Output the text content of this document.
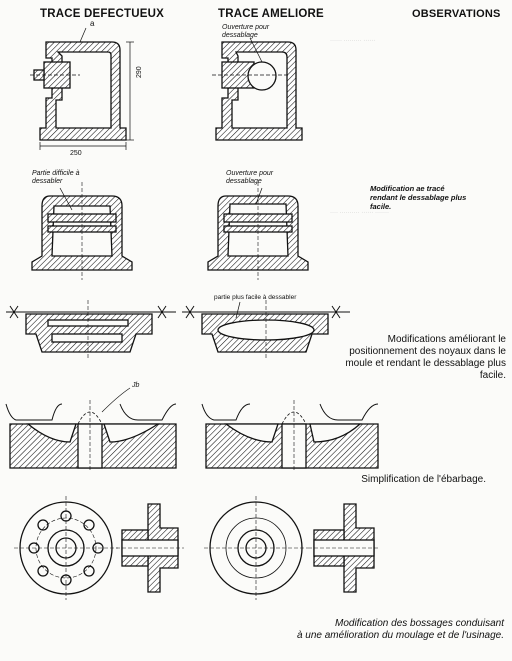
TRACE DEFECTUEUX	TRACE AMELIORE	OBSERVATIONS
······ ········· ······
···· ·········· ······ ·······
a
290
250
Ouverture pour
dessablage
Partie difficile à
dessabler
Ouverture pour
dessablage
Modification ae tracé
rendant le dessablage plus facile.
partie plus facile à dessabler
Modifications améliorant le
positionnement des noyaux dans le
moule et rendant le dessablage plus
facile.
Jb
Simplification de l'ébarbage.
Modification des bossages conduisant
à une amélioration du moulage et de l'usinage.
